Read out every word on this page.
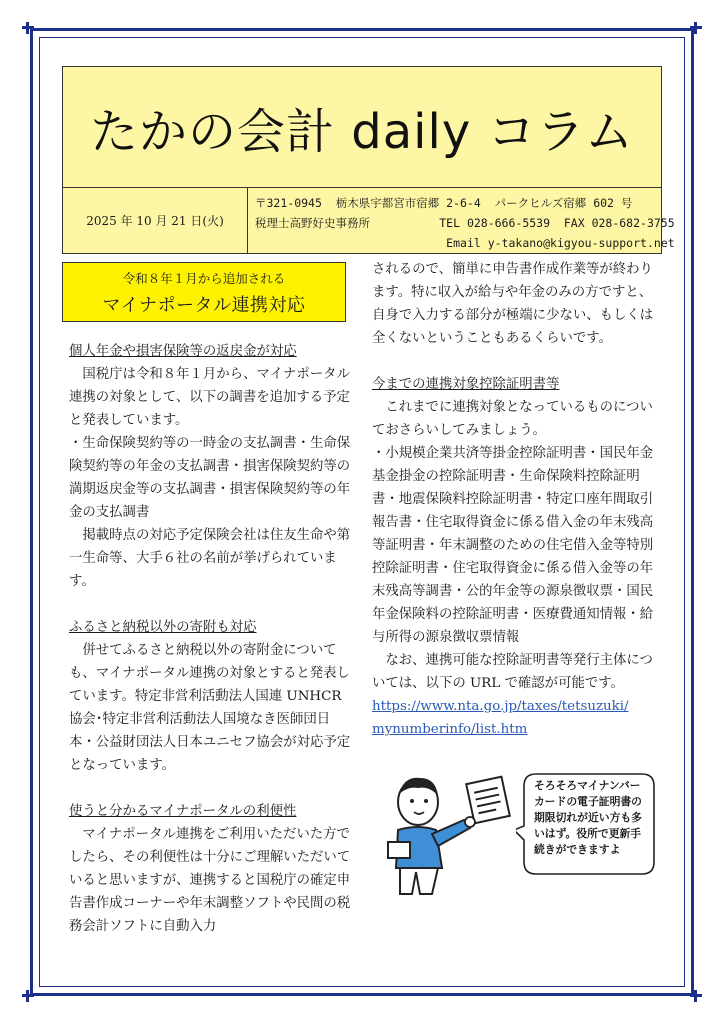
たかの会計 daily コラム
2025 年 10 月 21 日(火)
〒321-0945  栃木県宇都宮市宿郷 2-6-4  パークヒルズ宿郷 602 号
税理士高野好史事務所	TEL 028-666-5539  FAX 028-682-3755
Email y-takano@kigyou-support.net
令和８年１月から追加される
マイナポータル連携対応

個人年金や損害保険等の返戻金が対応

国税庁は令和８年１月から、マイナポータル連携の対象として、以下の調書を追加する予定と発表しています。

・生命保険契約等の一時金の支払調書・生命保険契約等の年金の支払調書・損害保険契約等の満期返戻金等の支払調書・損害保険契約等の年金の支払調書

掲載時点の対応予定保険会社は住友生命や第一生命等、大手６社の名前が挙げられています。

ふるさと納税以外の寄附も対応

併せてふるさと納税以外の寄附金についても、マイナポータル連携の対象とすると発表しています。特定非営利活動法人国連 UNHCR 協会･特定非営利活動法人国境なき医師団日本・公益財団法人日本ユニセフ協会が対応予定となっています。

使うと分かるマイナポータルの利便性

マイナポータル連携をご利用いただいた方でしたら、その利便性は十分にご理解いただいていると思いますが、連携すると国税庁の確定申告書作成コーナーや年末調整ソフトや民間の税務会計ソフトに自動入力

されるので、簡単に申告書作成作業等が終わります。特に収入が給与や年金のみの方ですと、自身で入力する部分が極端に少ない、もしくは全くないということもあるくらいです。

今までの連携対象控除証明書等

これまでに連携対象となっているものについておさらいしてみましょう。

・小規模企業共済等掛金控除証明書・国民年金基金掛金の控除証明書・生命保険料控除証明書・地震保険料控除証明書・特定口座年間取引報告書・住宅取得資金に係る借入金の年末残高等証明書・年末調整のための住宅借入金等特別控除証明書・住宅取得資金に係る借入金等の年末残高等調書・公的年金等の源泉徴収票・国民年金保険料の控除証明書・医療費通知情報・給与所得の源泉徴収票情報

なお、連携可能な控除証明書等発行主体については、以下の URL で確認が可能です。

https://www.nta.go.jp/taxes/tetsuzuki/
mynumberinfo/list.htm

そろそろマイナンバーカードの電子証明書の期限切れが近い方も多いはず。役所で更新手続きができますよ
